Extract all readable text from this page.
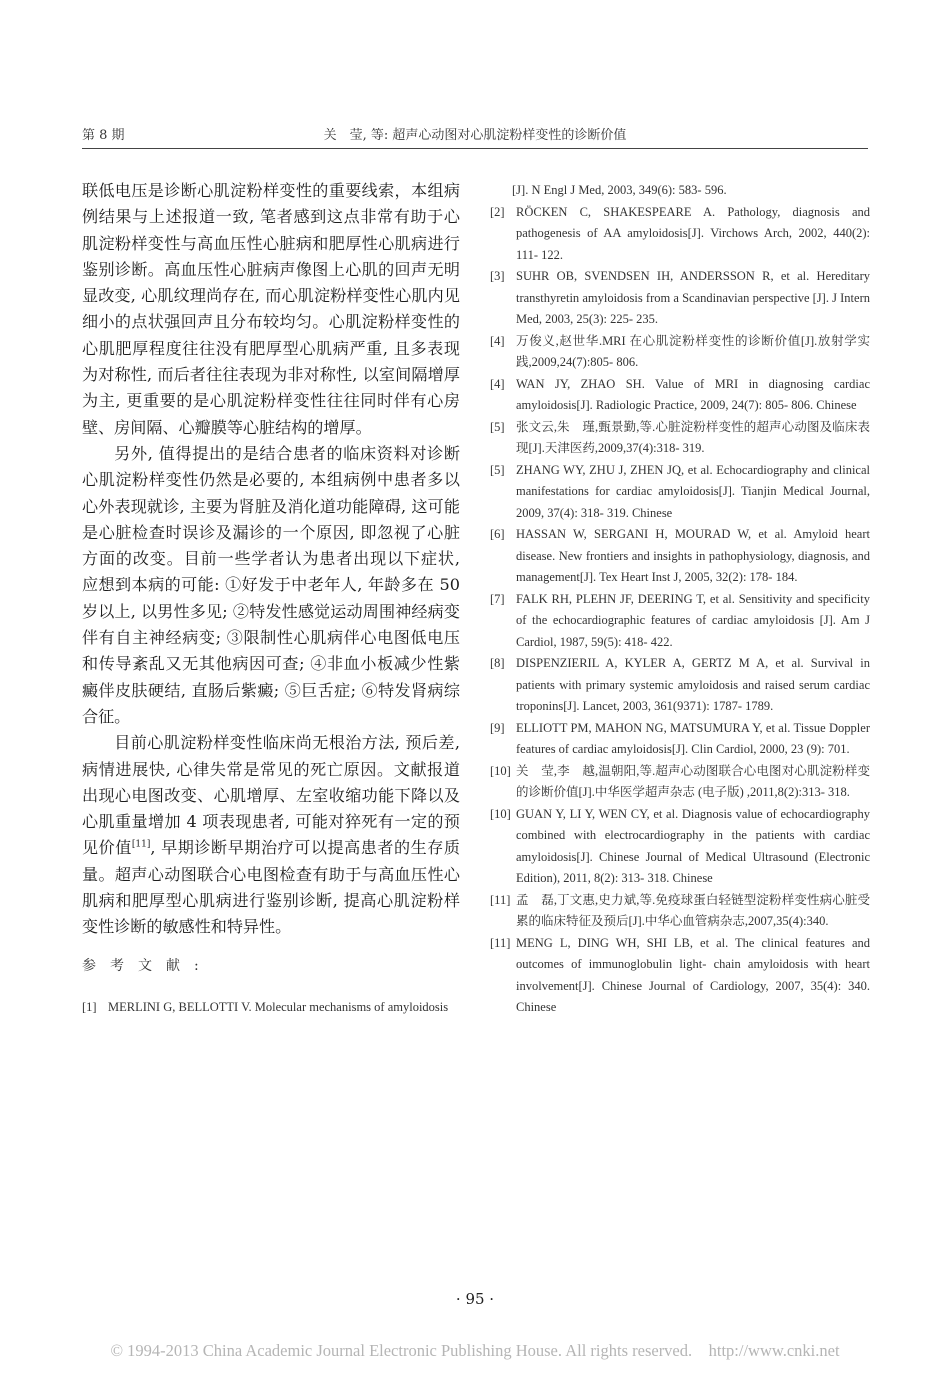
第 8 期	关　莹, 等: 超声心动图对心肌淀粉样变性的诊断价值

联低电压是诊断心肌淀粉样变性的重要线索，本组病例结果与上述报道一致, 笔者感到这点非常有助于心肌淀粉样变性与高血压性心脏病和肥厚性心肌病进行鉴别诊断。高血压性心脏病声像图上心肌的回声无明显改变, 心肌纹理尚存在, 而心肌淀粉样变性心肌内见细小的点状强回声且分布较均匀。心肌淀粉样变性的心肌肥厚程度往往没有肥厚型心肌病严重, 且多表现为对称性, 而后者往往表现为非对称性, 以室间隔增厚为主, 更重要的是心肌淀粉样变性往往同时伴有心房壁、房间隔、心瓣膜等心脏结构的增厚。

另外, 值得提出的是结合患者的临床资料对诊断心肌淀粉样变性仍然是必要的, 本组病例中患者多以心外表现就诊, 主要为肾脏及消化道功能障碍, 这可能是心脏检查时误诊及漏诊的一个原因, 即忽视了心脏方面的改变。目前一些学者认为患者出现以下症状, 应想到本病的可能: ①好发于中老年人, 年龄多在 50 岁以上, 以男性多见; ②特发性感觉运动周围神经病变伴有自主神经病变; ③限制性心肌病伴心电图低电压和传导紊乱又无其他病因可查; ④非血小板减少性紫癜伴皮肤硬结, 直肠后紫癜; ⑤巨舌症; ⑥特发肾病综合征。

目前心肌淀粉样变性临床尚无根治方法, 预后差, 病情进展快, 心律失常是常见的死亡原因。文献报道出现心电图改变、心肌增厚、左室收缩功能下降以及心肌重量增加 4 项表现患者, 可能对猝死有一定的预见价值[11], 早期诊断早期治疗可以提高患者的生存质量。超声心动图联合心电图检查有助于与高血压性心肌病和肥厚型心肌病进行鉴别诊断, 提高心肌淀粉样变性诊断的敏感性和特异性。

参考文献:
[1] MERLINI G, BELLOTTI V. Molecular mechanisms of amyloidosis
[J]. N Engl J Med, 2003, 349(6): 583- 596.
[2] RÖCKEN C, SHAKESPEARE A. Pathology, diagnosis and pathogenesis of AA amyloidosis[J]. Virchows Arch, 2002, 440(2): 111- 122.
[3] SUHR OB, SVENDSEN IH, ANDERSSON R, et al. Hereditary transthyretin amyloidosis from a Scandinavian perspective [J]. J Intern Med, 2003, 25(3): 225- 235.
[4] 万俊义,赵世华.MRI 在心肌淀粉样变性的诊断价值[J].放射学实践,2009,24(7):805- 806.
[4] WAN JY, ZHAO SH. Value of MRI in diagnosing cardiac amyloidosis[J]. Radiologic Practice, 2009, 24(7): 805- 806. Chinese
[5] 张文云,朱　瑾,甄景勤,等.心脏淀粉样变性的超声心动图及临床表现[J].天津医药,2009,37(4):318- 319.
[5] ZHANG WY, ZHU J, ZHEN JQ, et al. Echocardiography and clinical　manifestations for cardiac amyloidosis[J]. Tianjin Medical Journal, 2009, 37(4): 318- 319. Chinese
[6] HASSAN W, SERGANI H, MOURAD W, et al. Amyloid heart disease. New frontiers and insights in pathophysiology, diagnosis, and management[J]. Tex Heart Inst J, 2005, 32(2): 178- 184.
[7] FALK RH, PLEHN JF, DEERING T, et al. Sensitivity and specificity of the echocardiographic features of cardiac amyloidosis [J]. Am J Cardiol, 1987, 59(5): 418- 422.
[8] DISPENZIERIL A, KYLER A, GERTZ M A, et al. Survival in patients with primary systemic amyloidosis and raised serum cardiac troponins[J]. Lancet, 2003, 361(9371): 1787- 1789.
[9] ELLIOTT PM, MAHON NG, MATSUMURA Y, et al. Tissue Doppler features of cardiac amyloidosis[J]. Clin Cardiol, 2000, 23 (9): 701.
[10] 关　莹,李　越,温朝阳,等.超声心动图联合心电图对心肌淀粉样变的诊断价值[J].中华医学超声杂志 (电子版) ,2011,8(2):313- 318.
[10] GUAN Y, LI Y, WEN CY, et al. Diagnosis value of echocardiography combined with electrocardiography in the patients with cardiac amyloidosis[J]. Chinese Journal of Medical Ultrasound (Electronic Edition), 2011, 8(2): 313- 318. Chinese
[11] 孟　磊,丁文惠,史力斌,等.免疫球蛋白轻链型淀粉样变性病心脏受累的临床特征及预后[J].中华心血管病杂志,2007,35(4):340.
[11] MENG L, DING WH, SHI LB, et al. The clinical features and outcomes of immunoglobulin light- chain amyloidosis with heart involvement[J]. Chinese Journal of Cardiology, 2007, 35(4): 340. Chinese
· 95 ·
© 1994-2013 China Academic Journal Electronic Publishing House. All rights reserved.　http://www.cnki.net
